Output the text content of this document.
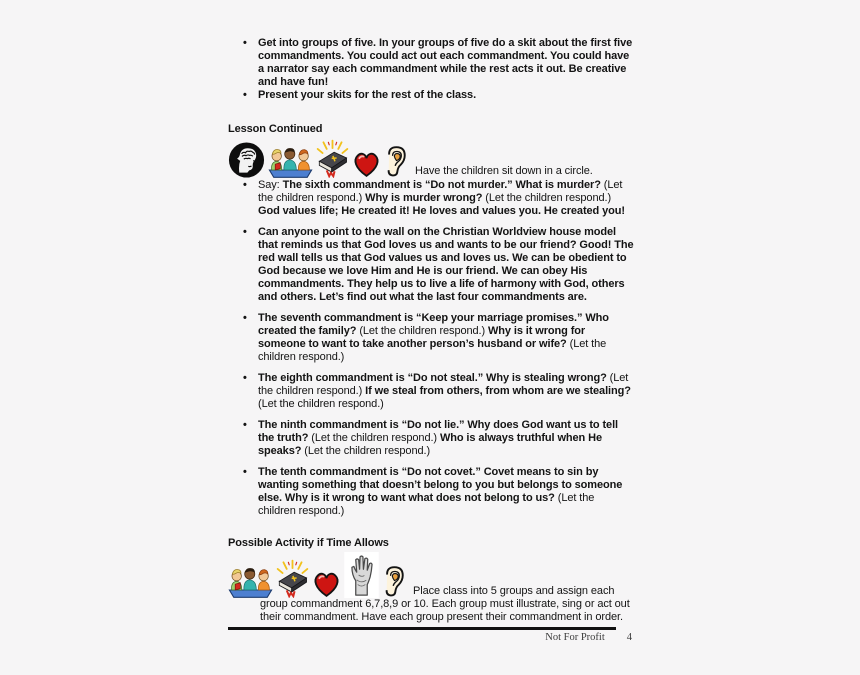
•	Get into groups of five. In your groups of five do a skit about the first five commandments. You could act out each commandment. You could have a narrator say each commandment while the rest acts it out. Be creative and have fun!
•	Present your skits for the rest of the class.
Lesson Continued

Have the children sit down in a circle.

•	Say: The sixth commandment is “Do not murder.” What is murder? (Let the children respond.) Why is murder wrong? (Let the children respond.) God values life; He created it! He loves and values you. He created you!
•	Can anyone point to the wall on the Christian Worldview house model that reminds us that God loves us and wants to be our friend? Good! The red wall tells us that God values us and loves us. We can be obedient to God because we love Him and He is our friend. We can obey His commandments. They help us to live a life of harmony with God, others and others. Let’s find out what the last four commandments are.
•	The seventh commandment is “Keep your marriage promises.” Who created the family? (Let the children respond.) Why is it wrong for someone to want to take another person’s husband or wife? (Let the children respond.)
•	The eighth commandment is “Do not steal.” Why is stealing wrong? (Let the children respond.) If we steal from others, from whom are we stealing? (Let the children respond.)
•	The ninth commandment is “Do not lie.” Why does God want us to tell the truth? (Let the children respond.) Who is always truthful when He speaks? (Let the children respond.)
•	The tenth commandment is “Do not covet.” Covet means to sin by wanting something that doesn’t belong to you but belongs to someone else. Why is it wrong to want what does not belong to us? (Let the children respond.)
Possible Activity if Time Allows

Place class into 5 groups and assign each group commandment 6,7,8,9 or 10. Each group must illustrate, sing or act out their commandment. Have each group present their commandment in order.

Not For Profit 4
